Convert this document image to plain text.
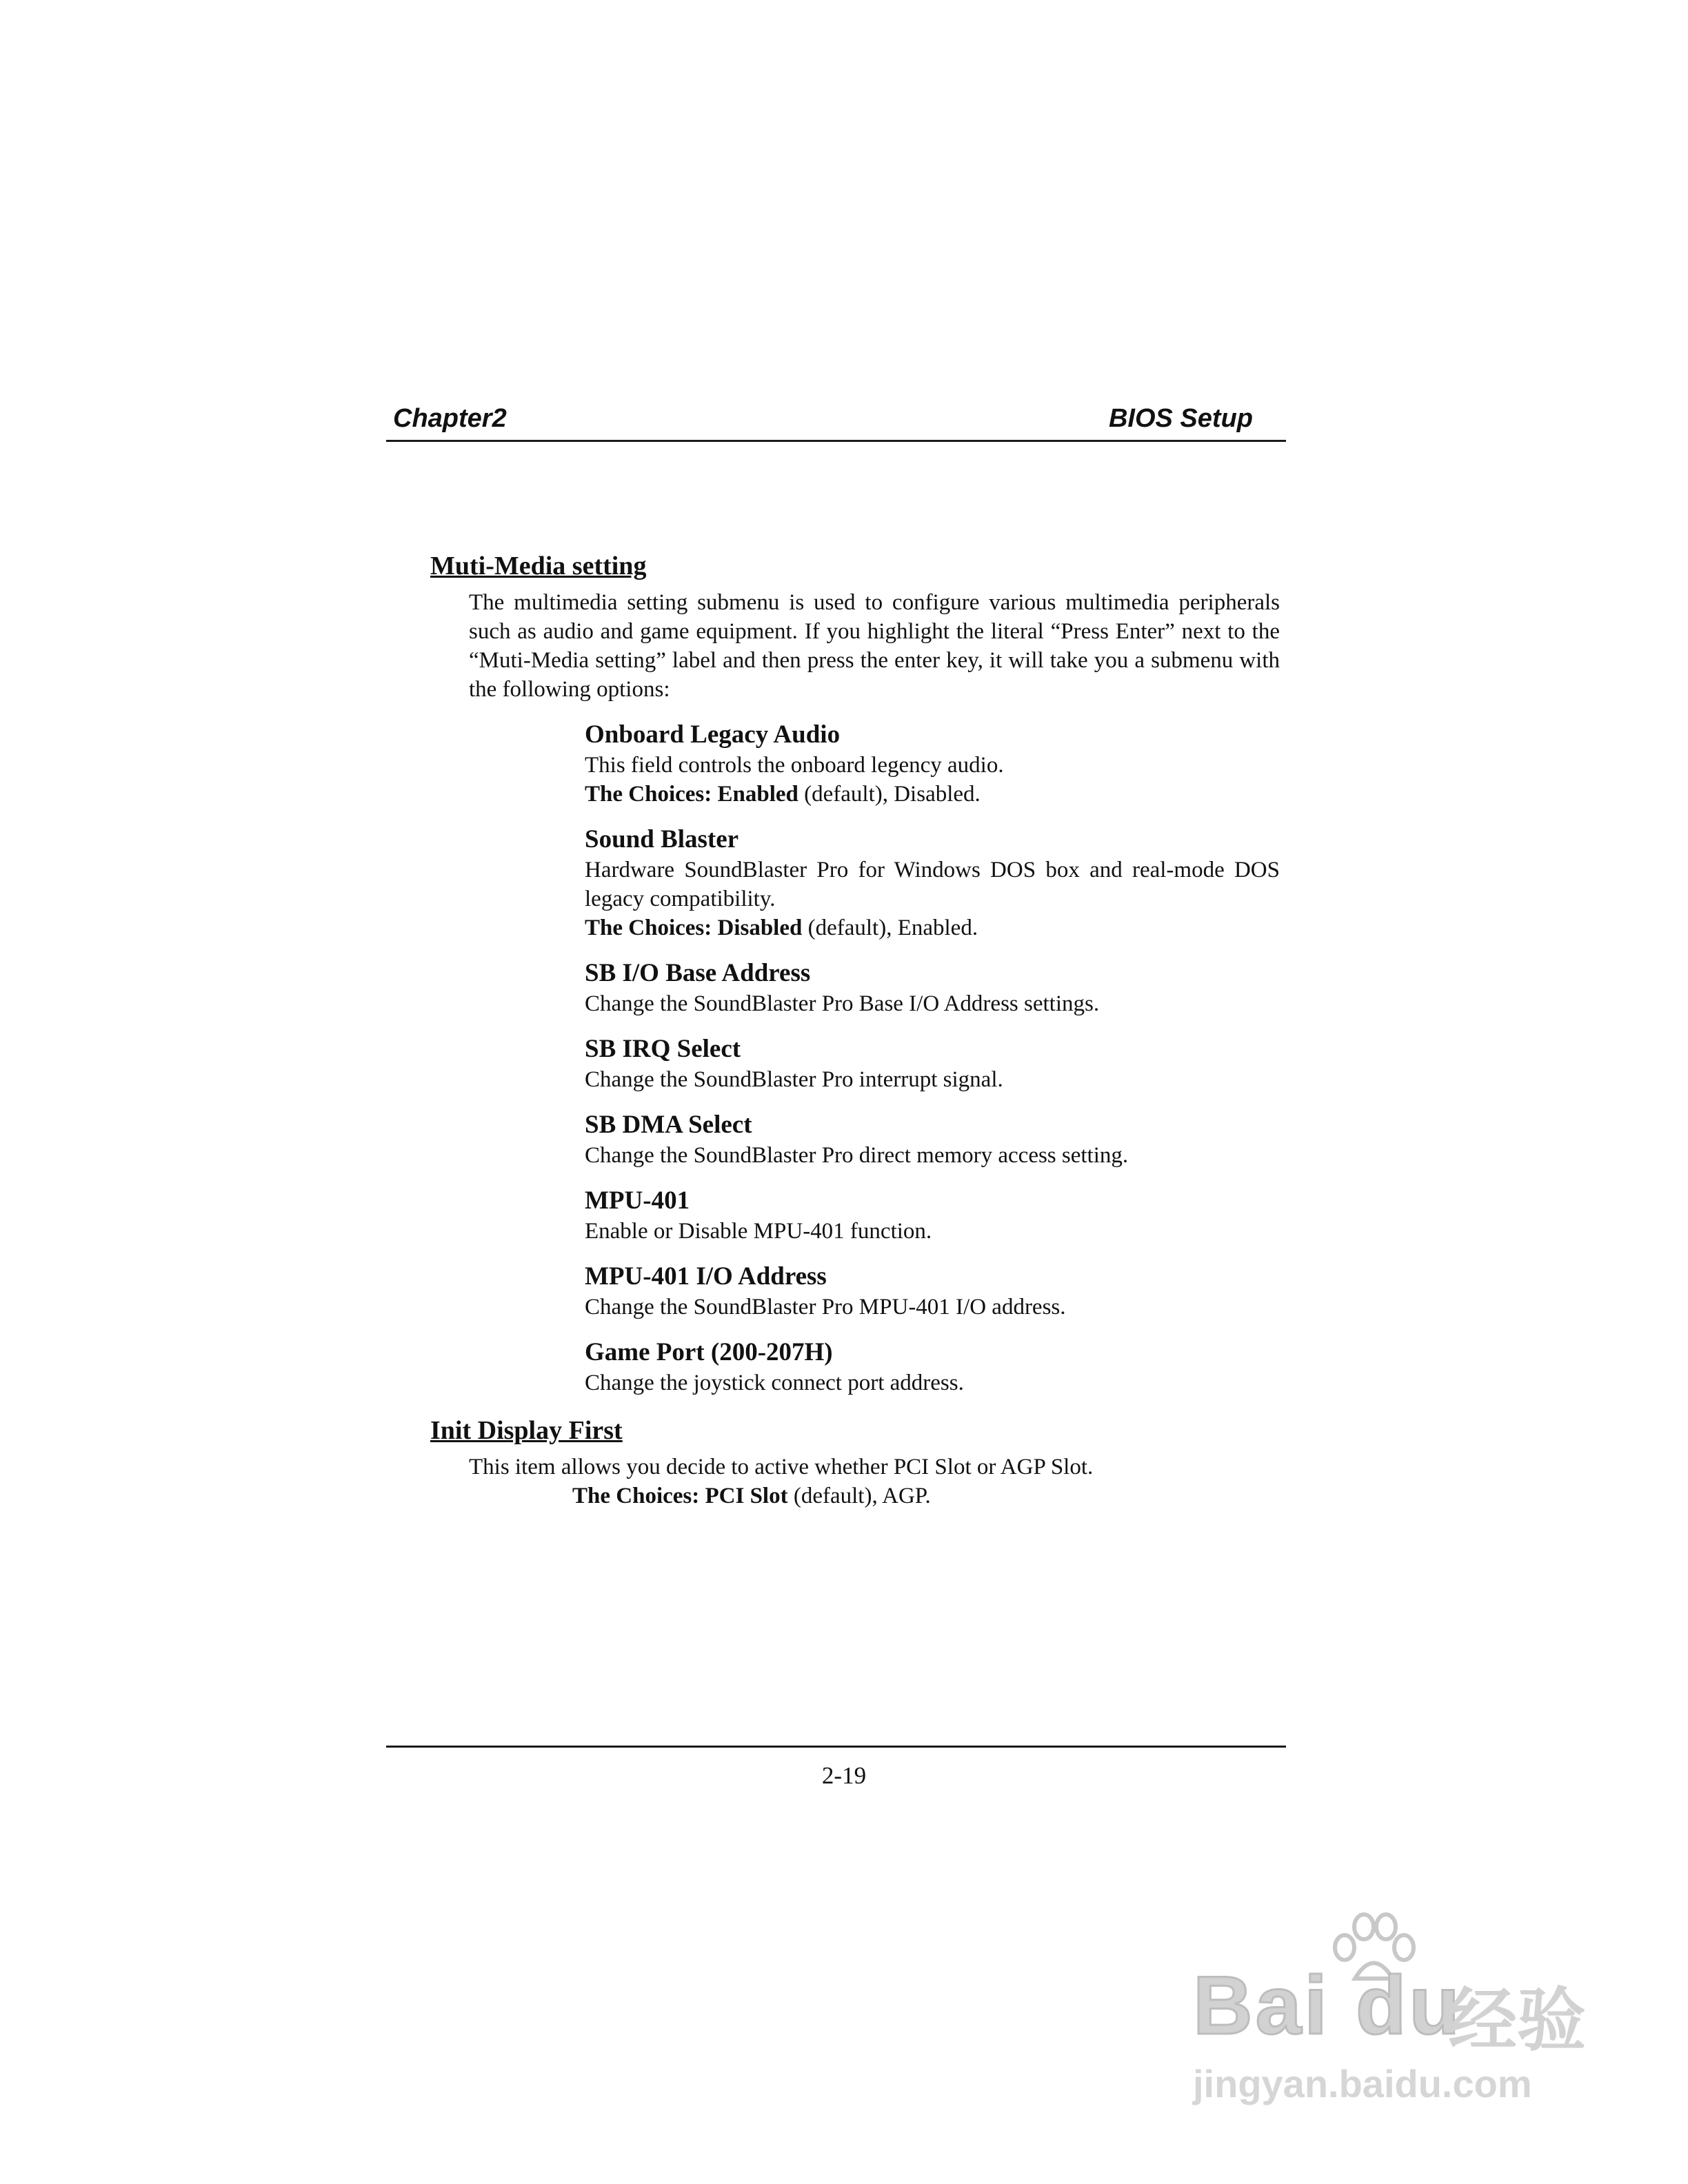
Chapter2	BIOS Setup
Muti-Media setting
The multimedia setting submenu is used to configure various multimedia peripherals such as audio and game equipment. If you highlight the literal “Press Enter” next to the “Muti-Media setting” label and then press the enter key, it will take you a submenu with the following options:
Onboard Legacy Audio
This field controls the onboard legency audio.
The Choices: Enabled (default), Disabled.
Sound Blaster
Hardware SoundBlaster Pro for Windows DOS box and real-mode DOS legacy compatibility.
The Choices: Disabled (default), Enabled.
SB I/O Base Address
Change the SoundBlaster Pro Base I/O Address settings.
SB IRQ Select
Change the SoundBlaster Pro interrupt signal.
SB DMA Select
Change the SoundBlaster Pro direct memory access setting.
MPU-401
Enable or Disable MPU-401 function.
MPU-401 I/O Address
Change the SoundBlaster Pro MPU-401 I/O address.
Game Port (200-207H)
Change the joystick connect port address.
Init Display First
This item allows you decide to active whether PCI Slot or AGP Slot.
The Choices: PCI Slot (default), AGP.
2-19
Bai du
经验
jingyan.baidu.com
